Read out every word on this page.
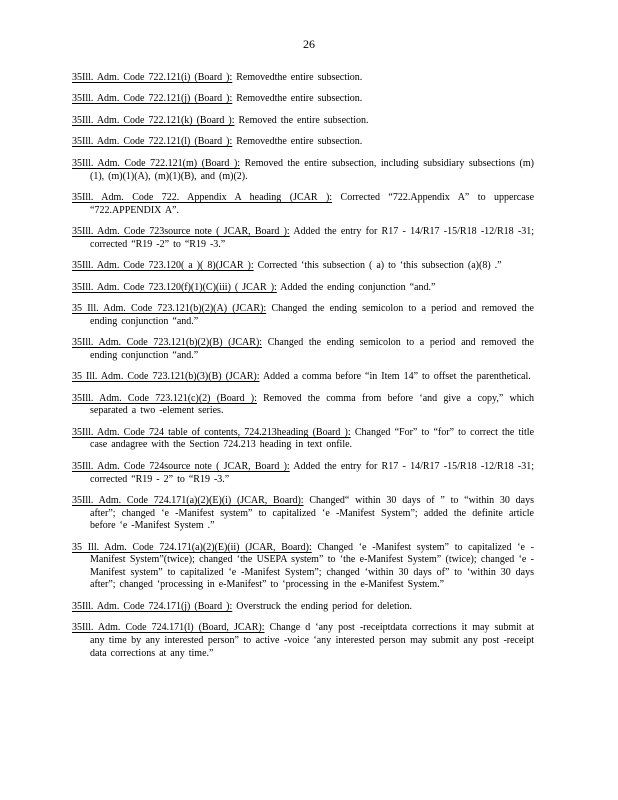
26

35Ill. Adm. Code 722.121(i) (Board ): Removedthe entire subsection.

35Ill. Adm. Code 722.121(j) (Board ): Removedthe entire subsection.

35Ill. Adm. Code 722.121(k) (Board ): Removed the entire subsection.

35Ill. Adm. Code 722.121(l) (Board ): Removedthe entire subsection.

35Ill. Adm. Code 722.121(m) (Board ): Removed the entire subsection, including subsidiary subsections (m)(1), (m)(1)(A), (m)(1)(B), and (m)(2).

35Ill. Adm. Code 722. Appendix A heading (JCAR ): Corrected “722.Appendix A” to uppercase “722.APPENDIX A”.

35Ill. Adm. Code 723source note ( JCAR, Board ): Added the entry for R17 - 14/R17 -15/R18 -12/R18 -31; corrected “R19 -2” to “R19 -3.”

35Ill. Adm. Code 723.120( a )( 8)(JCAR ): Corrected ‘this subsection ( a) to ‘this subsection (a)(8) .”

35Ill. Adm. Code 723.120(f)(1)(C)(iii) ( JCAR ): Added the ending conjunction “and.”

35 Ill. Adm. Code 723.121(b)(2)(A) (JCAR): Changed the ending semicolon to a period and removed the ending conjunction “and.”

35Ill. Adm. Code 723.121(b)(2)(B) (JCAR): Changed the ending semicolon to a period and removed the ending conjunction “and.”

35 Ill. Adm. Code 723.121(b)(3)(B) (JCAR): Added a comma before “in Item 14” to offset the parenthetical.

35Ill. Adm. Code 723.121(c)(2) (Board ): Removed the comma from before ‘and give a copy,” which separated a two -element series.

35Ill. Adm. Code 724 table of contents, 724.213heading (Board ): Changed “For” to “for” to correct the title case andagree with the Section 724.213 heading in text onfile.

35Ill. Adm. Code 724source note ( JCAR, Board ): Added the entry for R17 - 14/R17 -15/R18 -12/R18 -31; corrected “R19 - 2” to “R19 -3.”

35Ill. Adm. Code 724.171(a)(2)(E)(i) (JCAR, Board): Changed“ within 30 days of ” to “within 30 days after”; changed ‘e -Manifest system” to capitalized ‘e -Manifest System”; added the definite article before ‘e -Manifest System .”

35 Ill. Adm. Code 724.171(a)(2)(E)(ii) (JCAR, Board): Changed ‘e -Manifest system” to capitalized ‘e -Manifest System”(twice); changed ‘the USEPA system” to ‘the e-Manifest System” (twice); changed ‘e -Manifest system” to capitalized ‘e -Manifest System”; changed ‘within 30 days of” to ‘within 30 days after”; changed ‘processing in e-Manifest” to ‘processing in the e-Manifest System.”

35Ill. Adm. Code 724.171(j) (Board ): Overstruck the ending period for deletion.

35Ill. Adm. Code 724.171(l) (Board, JCAR): Change d ‘any post -receiptdata corrections it may submit at any time by any interested person” to active -voice ‘any interested person may submit any post -receipt data corrections at any time.”
